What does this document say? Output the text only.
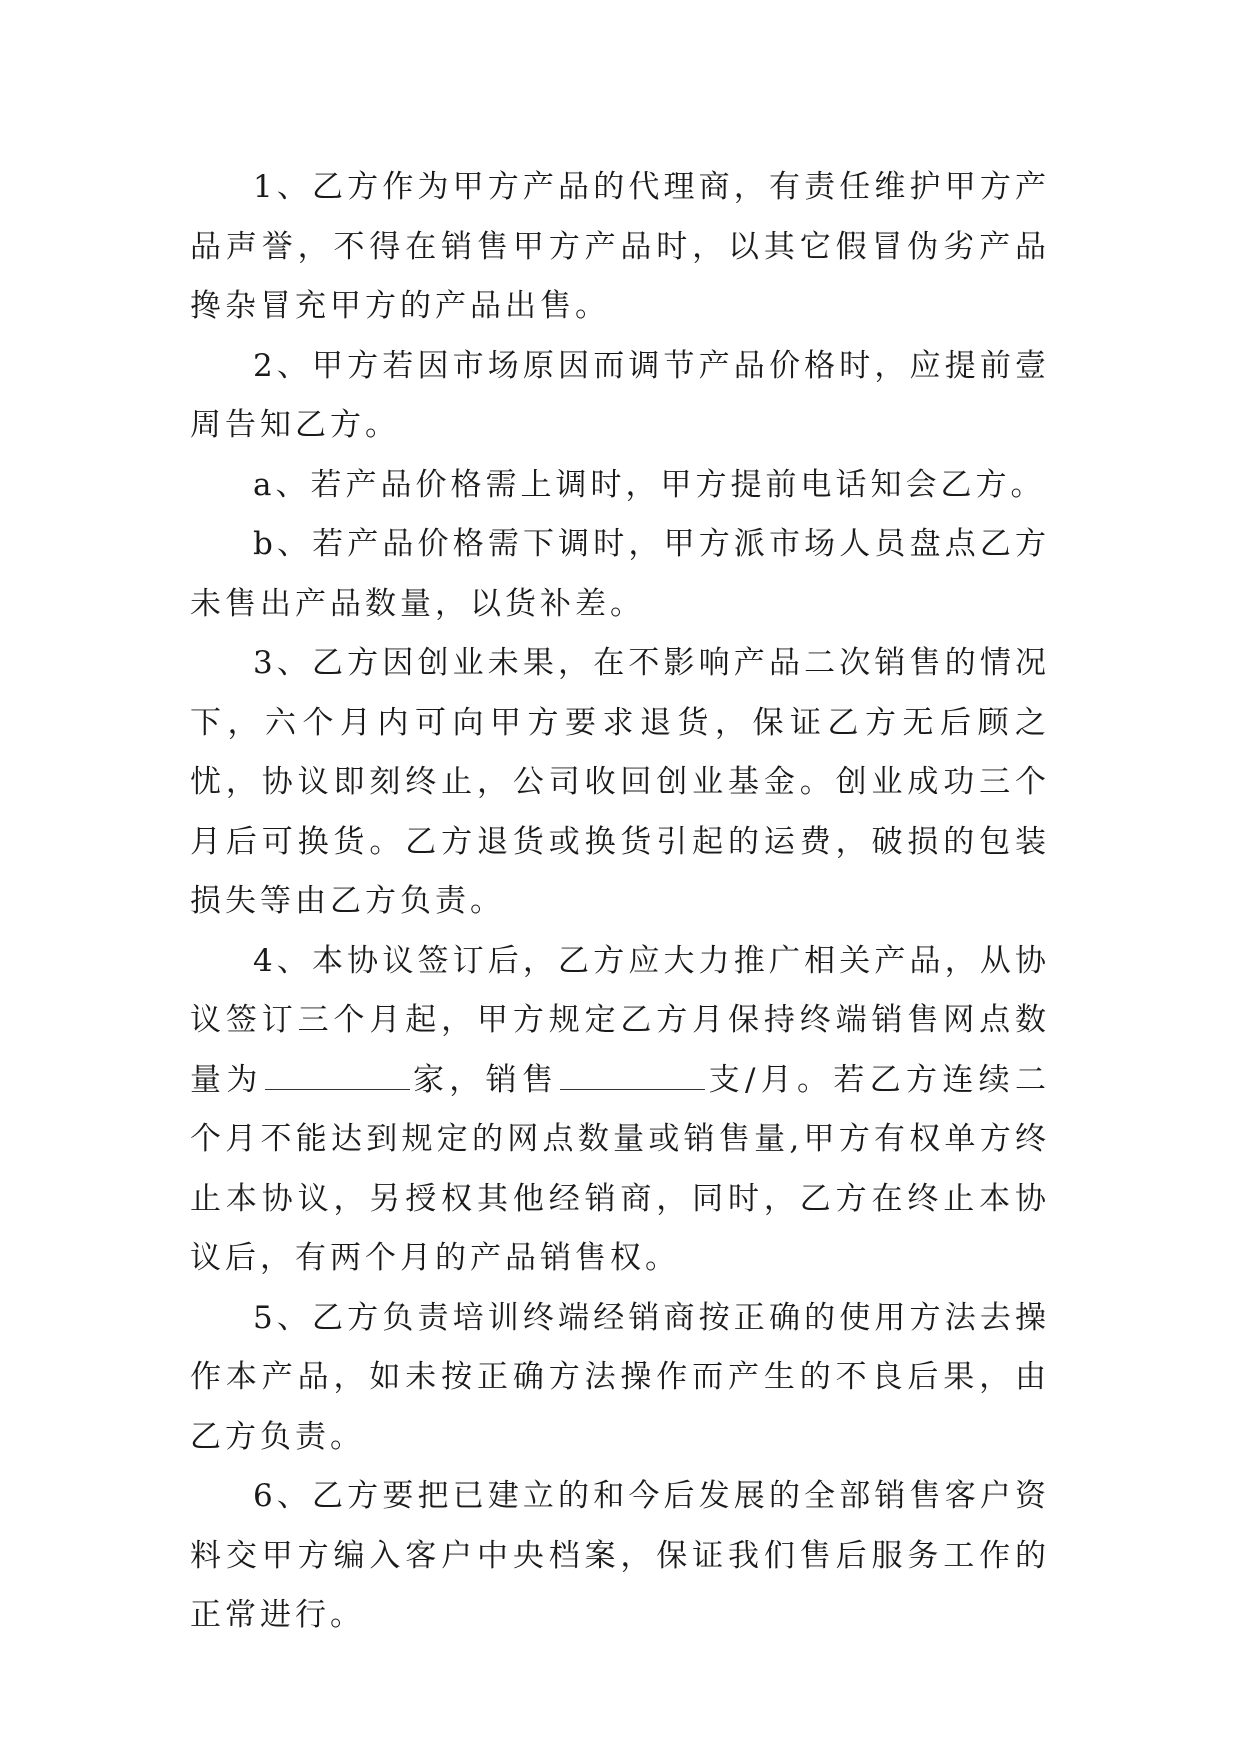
1、乙方作为甲方产品的代理商，有责任维护甲方产品声誉，不得在销售甲方产品时，以其它假冒伪劣产品搀杂冒充甲方的产品出售。

2、甲方若因市场原因而调节产品价格时，应提前壹周告知乙方。

a、若产品价格需上调时，甲方提前电话知会乙方。

b、若产品价格需下调时，甲方派市场人员盘点乙方未售出产品数量，以货补差。

3、乙方因创业未果，在不影响产品二次销售的情况下，六个月内可向甲方要求退货，保证乙方无后顾之忧，协议即刻终止，公司收回创业基金。创业成功三个月后可换货。乙方退货或换货引起的运费，破损的包装损失等由乙方负责。

4、本协议签订后，乙方应大力推广相关产品，从协议签订三个月起，甲方规定乙方月保持终端销售网点数量为	家，销售	支/月。若乙方连续二个月不能达到规定的网点数量或销售量,甲方有权单方终止本协议，另授权其他经销商，同时，乙方在终止本协议后，有两个月的产品销售权。

5、乙方负责培训终端经销商按正确的使用方法去操作本产品，如未按正确方法操作而产生的不良后果，由乙方负责。

6、乙方要把已建立的和今后发展的全部销售客户资料交甲方编入客户中央档案，保证我们售后服务工作的正常进行。
